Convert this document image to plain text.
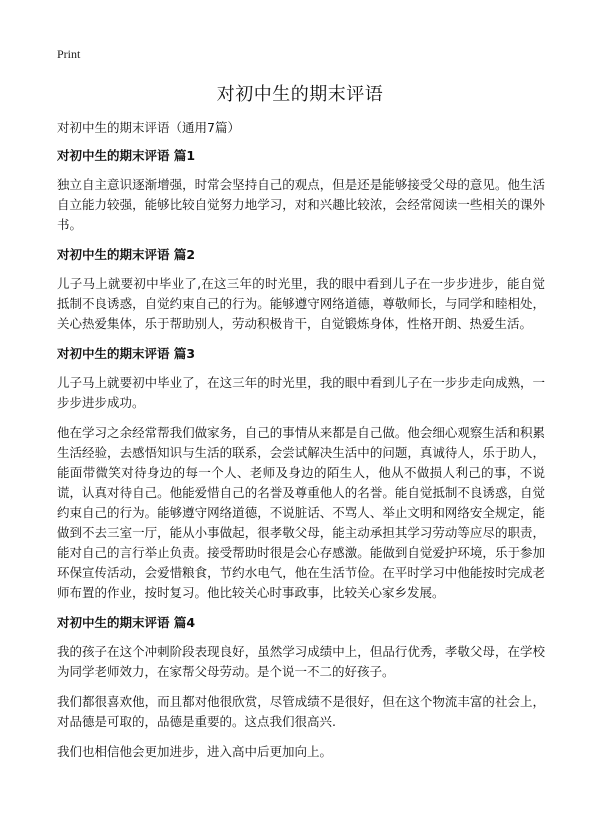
Print
对初中生的期末评语

对初中生的期末评语（通用7篇）

对初中生的期末评语 篇1

独立自主意识逐渐增强，时常会坚持自己的观点，但是还是能够接受父母的意见。他生活自立能力较强，能够比较自觉努力地学习，对和兴趣比较浓，会经常阅读一些相关的课外书。

对初中生的期末评语 篇2

儿子马上就要初中毕业了,在这三年的时光里，我的眼中看到儿子在一步步进步，能自觉抵制不良诱惑，自觉约束自己的行为。能够遵守网络道德，尊敬师长，与同学和睦相处，关心热爱集体，乐于帮助别人，劳动积极肯干，自觉锻炼身体，性格开朗、热爱生活。

对初中生的期末评语 篇3

儿子马上就要初中毕业了，在这三年的时光里，我的眼中看到儿子在一步步走向成熟，一步步进步成功。

他在学习之余经常帮我们做家务，自己的事情从来都是自己做。他会细心观察生活和积累生活经验，去感悟知识与生活的联系，会尝试解决生活中的问题，真诚待人，乐于助人，能面带微笑对待身边的每一个人、老师及身边的陌生人，他从不做损人利己的事，不说谎，认真对待自己。他能爱惜自己的名誉及尊重他人的名誉。能自觉抵制不良诱惑，自觉约束自己的行为。能够遵守网络道德，不说脏话、不骂人、举止文明和网络安全规定，能做到不去三室一厅，能从小事做起，很孝敬父母，能主动承担其学习劳动等应尽的职责，能对自己的言行举止负责。接受帮助时很是会心存感激。能做到自觉爱护环境，乐于参加环保宣传活动，会爱惜粮食，节约水电气，他在生活节俭。在平时学习中他能按时完成老师布置的作业，按时复习。他比较关心时事政事，比较关心家乡发展。

对初中生的期末评语 篇4

我的孩子在这个冲刺阶段表现良好，虽然学习成绩中上，但品行优秀，孝敬父母，在学校为同学老师效力，在家帮父母劳动。是个说一不二的好孩子。

我们都很喜欢他，而且都对他很欣赏，尽管成绩不是很好，但在这个物流丰富的社会上，对品德是可取的，品德是重要的。这点我们很高兴.

我们也相信他会更加进步，进入高中后更加向上。
